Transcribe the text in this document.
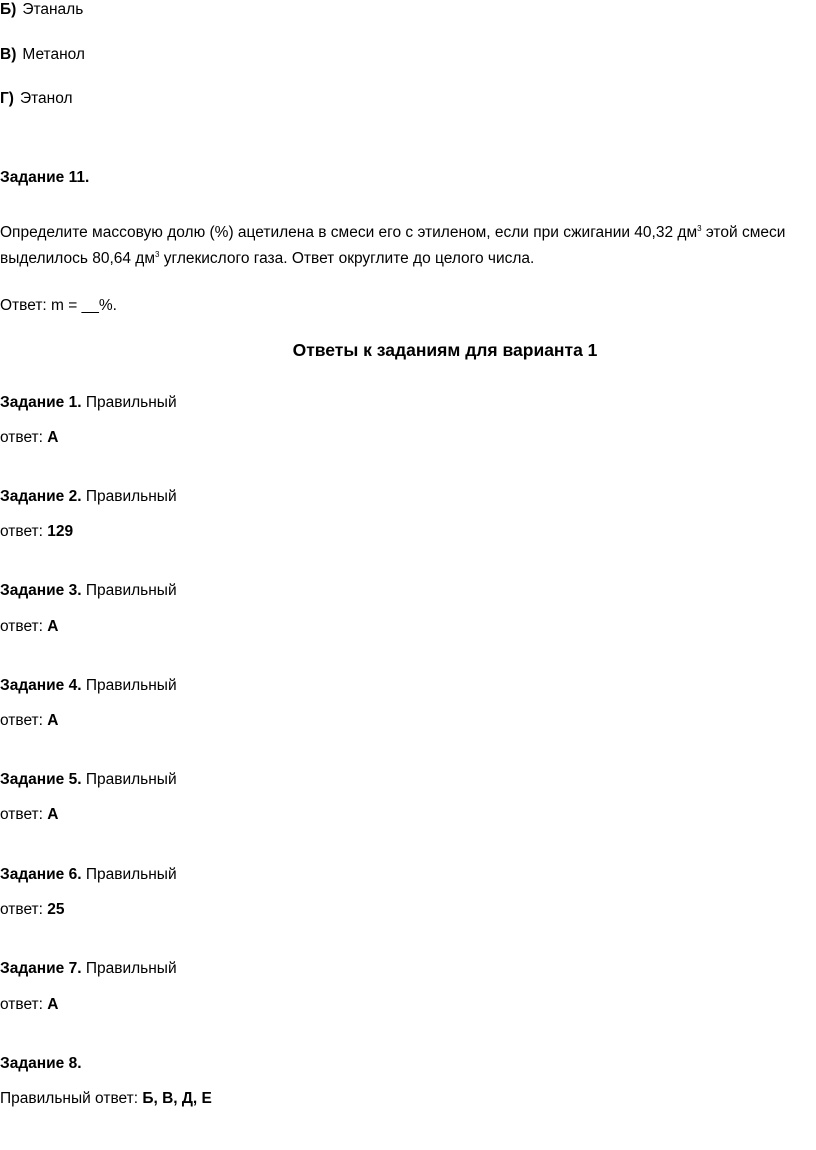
Б) Этаналь
В) Метанол
Г) Этанол
Задание 11.
Определите массовую долю (%) ацетилена в смеси его с этиленом, если при сжигании 40,32 $дм^3$ этой смеси
выделилось 80,64 $дм^3$ углекислого газа. Ответ округлите до целого числа.
Ответ: m = __%.
Ответы к заданиям для варианта 1
Задание 1. Правильный
ответ: А
Задание 2. Правильный
ответ: 129
Задание 3. Правильный
ответ: А
Задание 4. Правильный
ответ: А
Задание 5. Правильный
ответ: А
Задание 6. Правильный
ответ: 25
Задание 7. Правильный
ответ: А
Задание 8.
Правильный ответ: Б, В, Д, Е
